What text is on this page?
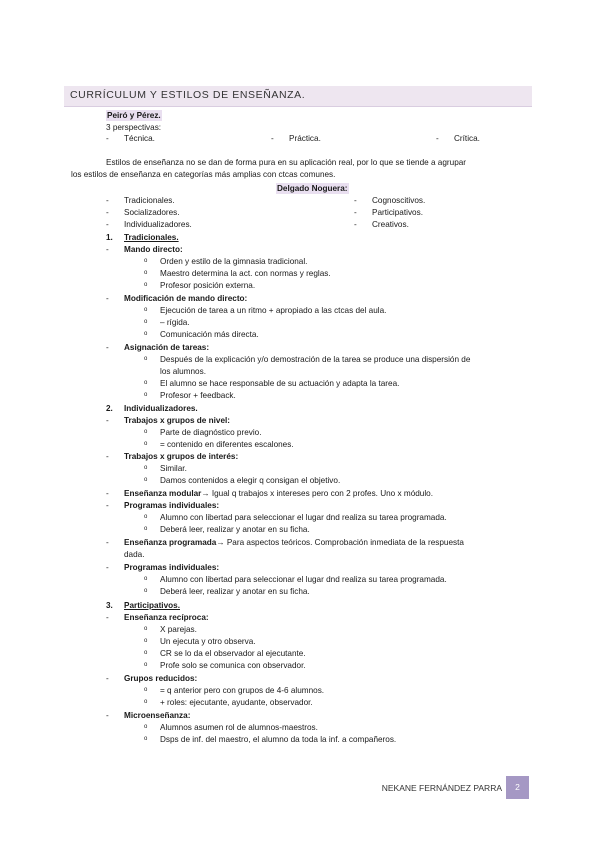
CURRÍCULUM Y ESTILOS DE ENSEÑANZA.
Peiró y Pérez.
3 perspectivas:
- Técnica.	- Práctica.	- Crítica.
Estilos de enseñanza no se dan de forma pura en su aplicación real, por lo que se tiende a agrupar
los estilos de enseñanza en categorías más amplias con ctcas comunes.
Delgado Noguera:
- Tradicionales.
- Socializadores.
- Individualizadores.
- Cognoscitivos.
- Participativos.
- Creativos.
1. Tradicionales.
- Mando directo:
o Orden y estilo de la gimnasia tradicional.
o Maestro determina la act. con normas y reglas.
o Profesor posición externa.
- Modificación de mando directo:
o Ejecución de tarea a un ritmo + apropiado a las ctcas del aula.
o – rígida.
o Comunicación más directa.
- Asignación de tareas:
o Después de la explicación y/o demostración de la tarea se produce una dispersión de
los alumnos.
o El alumno se hace responsable de su actuación y adapta la tarea.
o Profesor + feedback.
2. Individualizadores.
- Trabajos x grupos de nivel:
o Parte de diagnóstico previo.
o = contenido en diferentes escalones.
- Trabajos x grupos de interés:
o Similar.
o Damos contenidos a elegir q consigan el objetivo.
- Enseñanza modular→ Igual q trabajos x intereses pero con 2 profes. Uno x módulo.
- Programas individuales:
o Alumno con libertad para seleccionar el lugar dnd realiza su tarea programada.
o Deberá leer, realizar y anotar en su ficha.
- Enseñanza programada→ Para aspectos teóricos. Comprobación inmediata de la respuesta
dada.
- Programas individuales:
o Alumno con libertad para seleccionar el lugar dnd realiza su tarea programada.
o Deberá leer, realizar y anotar en su ficha.
3. Participativos.
- Enseñanza recíproca:
o X parejas.
o Un ejecuta y otro observa.
o CR se lo da el observador al ejecutante.
o Profe solo se comunica con observador.
- Grupos reducidos:
o = q anterior pero con grupos de 4-6 alumnos.
o + roles: ejecutante, ayudante, observador.
- Microenseñanza:
o Alumnos asumen rol de alumnos-maestros.
o Dsps de inf. del maestro, el alumno da toda la inf. a compañeros.
NEKANE FERNÁNDEZ PARRA	2
